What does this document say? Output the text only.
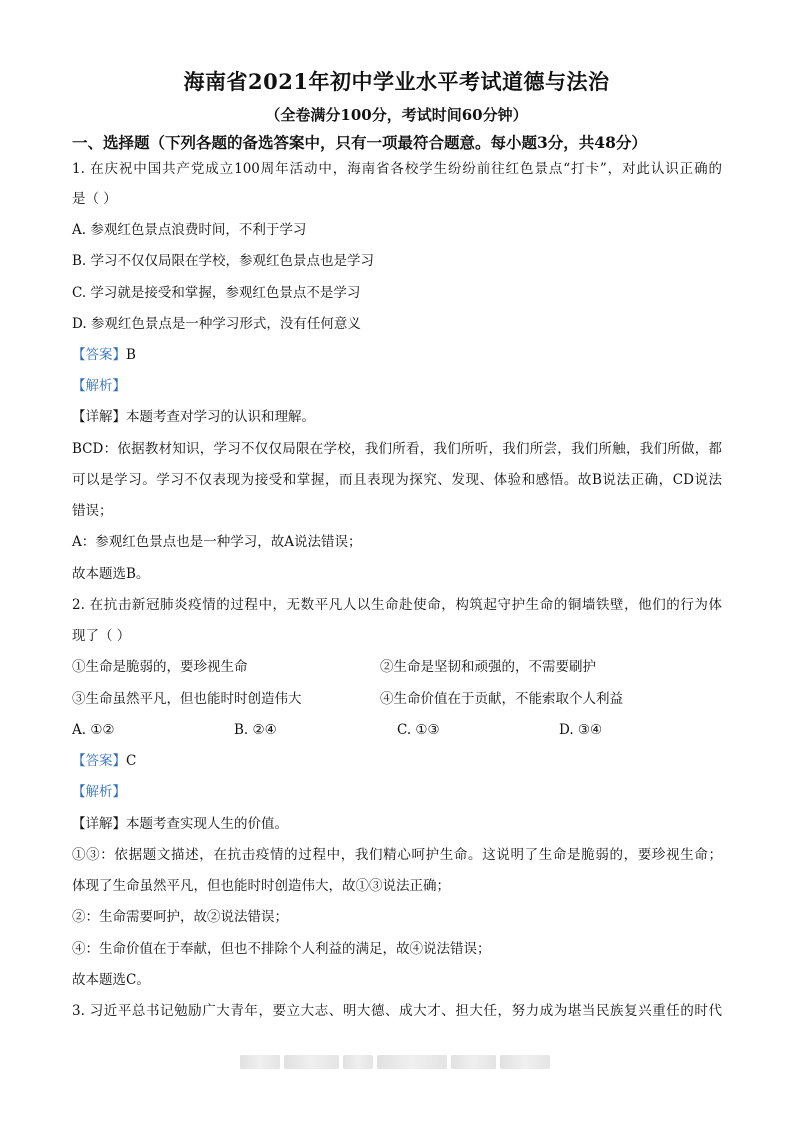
海南省2021年初中学业水平考试道德与法治
（全卷满分100分，考试时间60分钟）
一、选择题（下列各题的备选答案中，只有一项最符合题意。每小题3分，共48分）
1. 在庆祝中国共产党成立100周年活动中，海南省各校学生纷纷前往红色景点“打卡”，对此认识正确的
是（ ）
A. 参观红色景点浪费时间，不利于学习
B. 学习不仅仅局限在学校，参观红色景点也是学习
C. 学习就是接受和掌握，参观红色景点不是学习
D. 参观红色景点是一种学习形式，没有任何意义
【答案】B
【解析】
【详解】本题考查对学习的认识和理解。
BCD：依据教材知识，学习不仅仅局限在学校，我们所看，我们所听，我们所尝，我们所触，我们所做，都
可以是学习。学习不仅表现为接受和掌握，而且表现为探究、发现、体验和感悟。故B说法正确，CD说法
错误；
A：参观红色景点也是一种学习，故A说法错误；
故本题选B。
2. 在抗击新冠肺炎疫情的过程中，无数平凡人以生命赴使命，构筑起守护生命的铜墙铁壁，他们的行为体
现了（ ）
①生命是脆弱的，要珍视生命	②生命是坚韧和顽强的，不需要刷护
③生命虽然平凡，但也能时时创造伟大	④生命价值在于贡献，不能索取个人利益
A. ①②	B. ②④	C. ①③	D. ③④
【答案】C
【解析】
【详解】本题考查实现人生的价值。
①③：依据题文描述，在抗击疫情的过程中，我们精心呵护生命。这说明了生命是脆弱的，要珍视生命；
体现了生命虽然平凡，但也能时时创造伟大，故①③说法正确；
②：生命需要呵护，故②说法错误；
④：生命价值在于奉献，但也不排除个人利益的满足，故④说法错误；
故本题选C。
3. 习近平总书记勉励广大青年，要立大志、明大德、成大才、担大任，努力成为堪当民族复兴重任的时代
